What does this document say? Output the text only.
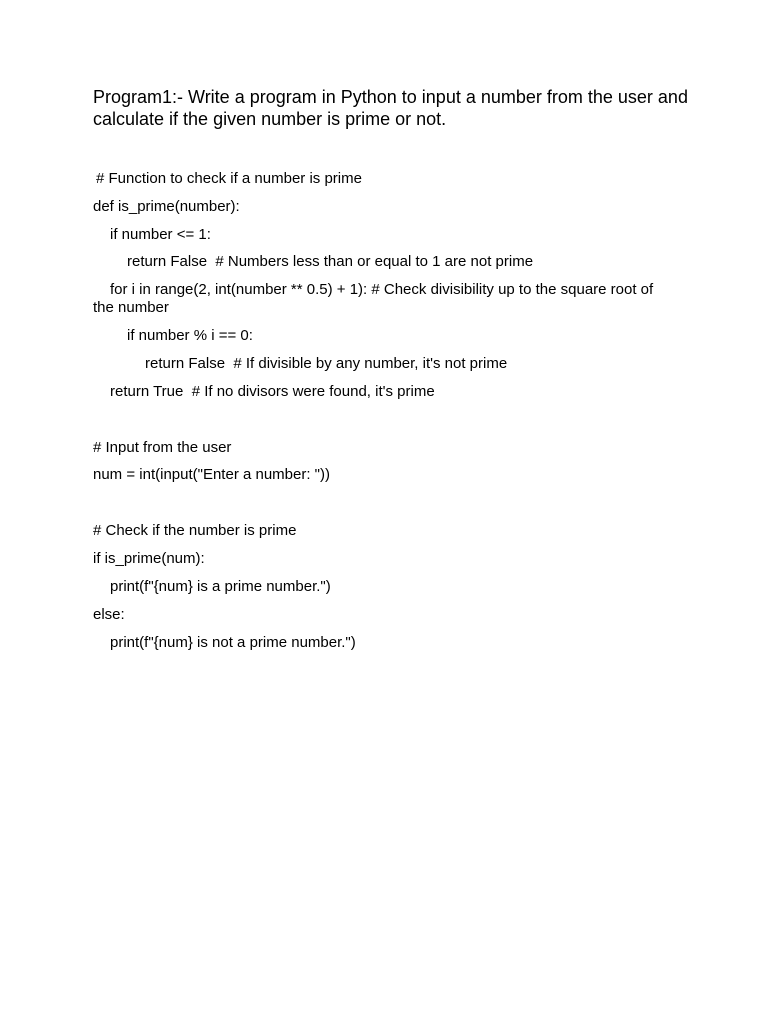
Program1:- Write a program in Python to input a number from the user and calculate if the given number is prime or not.

# Function to check if a number is prime
def is_prime(number):
if number <= 1:
return False  # Numbers less than or equal to 1 are not prime
for i in range(2, int(number ** 0.5) + 1): # Check divisibility up to the square root of the number
if number % i == 0:
return False  # If divisible by any number, it's not prime
return True  # If no divisors were found, it's prime
# Input from the user
num = int(input("Enter a number: "))
# Check if the number is prime
if is_prime(num):
print(f"{num} is a prime number.")
else:
print(f"{num} is not a prime number.")
